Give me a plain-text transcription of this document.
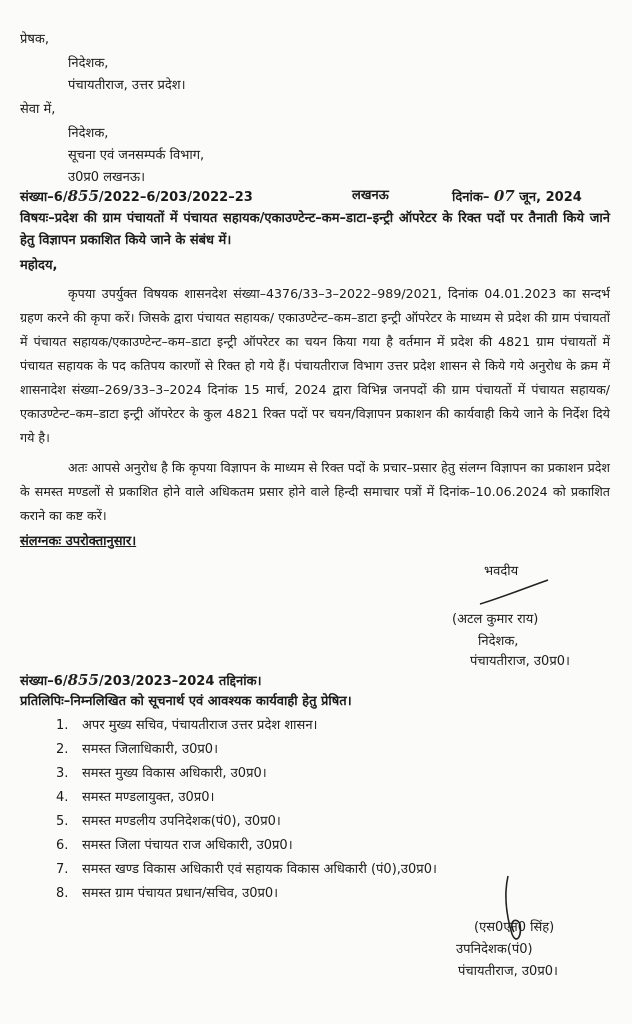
प्रेषक,
निदेशक,
पंचायतीराज, उत्तर प्रदेश।
सेवा में,
निदेशक,
सूचना एवं जनसम्पर्क विभाग,
उ0प्र0 लखनऊ।
संख्या–6/855/2022–6/203/2022–23	लखनऊ	दिनांक– 07 जून, 2024
विषयः–प्रदेश की ग्राम पंचायतों में पंचायत सहायक/एकाउण्टेन्ट–कम–डाटा–इन्ट्री ऑपरेटर के रिक्त पदों पर तैनाती किये जाने हेतु विज्ञापन प्रकाशित किये जाने के संबंध में।
महोदय,
कृपया उपर्युक्त विषयक शासनदेश संख्या–4376/33–3–2022–989/2021, दिनांक 04.01.2023 का सन्दर्भ ग्रहण करने की कृपा करें। जिसके द्वारा पंचायत सहायक/ एकाउण्टेन्ट–कम–डाटा इन्ट्री ऑपरेटर के माध्यम से प्रदेश की ग्राम पंचायतों में पंचायत सहायक/एकाउण्टेन्ट–कम–डाटा इन्ट्री ऑपरेटर का चयन किया गया है वर्तमान में प्रदेश की 4821 ग्राम पंचायतों में पंचायत सहायक के पद कतिपय कारणों से रिक्त हो गये हैं। पंचायतीराज विभाग उत्तर प्रदेश शासन से किये गये अनुरोध के क्रम में शासनादेश संख्या–269/33–3–2024 दिनांक 15 मार्च, 2024 द्वारा विभिन्न जनपदों की ग्राम पंचायतों में पंचायत सहायक/एकाउण्टेन्ट–कम–डाटा इन्ट्री ऑपरेटर के कुल 4821 रिक्त पदों पर चयन/विज्ञापन प्रकाशन की कार्यवाही किये जाने के निर्देश दिये गये है।
अतः आपसे अनुरोध है कि कृपया विज्ञापन के माध्यम से रिक्त पदों के प्रचार–प्रसार हेतु संलग्न विज्ञापन का प्रकाशन प्रदेश के समस्त मण्डलों से प्रकाशित होने वाले अधिकतम प्रसार होने वाले हिन्दी समाचार पत्रों में दिनांक–10.06.2024 को प्रकाशित कराने का कष्ट करें।
संलग्नकः उपरोक्तानुसार।
भवदीय
(अटल कुमार राय)
निदेशक,
पंचायतीराज, उ0प्र0।
संख्या–6/855/203/2023–2024 तद्दिनांक।
प्रतिलिपिः–निम्नलिखित को सूचनार्थ एवं आवश्यक कार्यवाही हेतु प्रेषित।
1. अपर मुख्य सचिव, पंचायतीराज उत्तर प्रदेश शासन।
2. समस्त जिलाधिकारी, उ0प्र0।
3. समस्त मुख्य विकास अधिकारी, उ0प्र0।
4. समस्त मण्डलायुक्त, उ0प्र0।
5. समस्त मण्डलीय उपनिदेशक(पं0), उ0प्र0।
6. समस्त जिला पंचायत राज अधिकारी, उ0प्र0।
7. समस्त खण्ड विकास अधिकारी एवं सहायक विकास अधिकारी (पं0),उ0प्र0।
8. समस्त ग्राम पंचायत प्रधान/सचिव, उ0प्र0।
(एस0एन0 सिंह)
उपनिदेशक(पं0)
पंचायतीराज, उ0प्र0।
